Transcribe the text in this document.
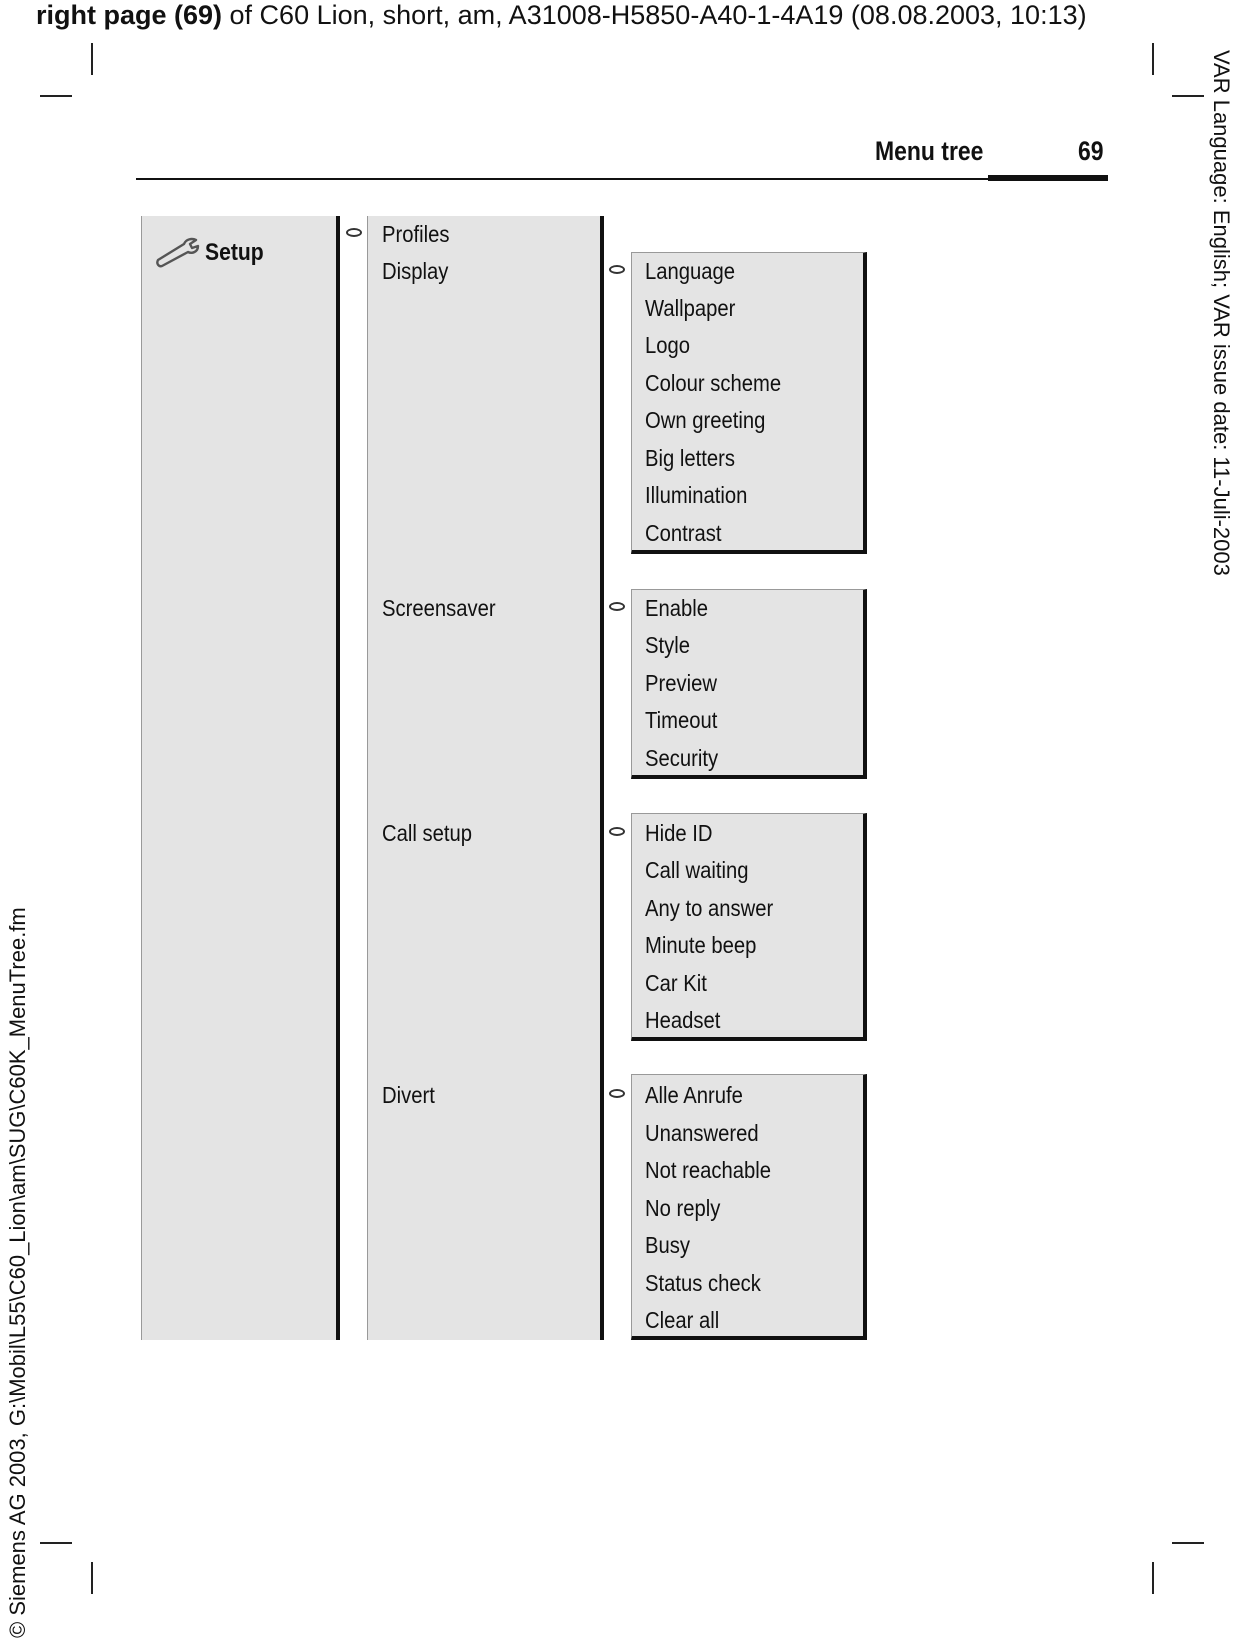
right page (69) of C60 Lion, short, am, A31008-H5850-A40-1-4A19 (08.08.2003, 10:13)
VAR Language: English; VAR issue date: 11-Juli-2003
© Siemens AG 2003, G:\Mobil\L55\C60_Lion\am\SUG\C60K_MenuTree.fm
Menu tree	69
Setup
Profiles
Display
Screensaver
Call setup
Divert
Language
Wallpaper
Logo
Colour scheme
Own greeting
Big letters
Illumination
Contrast
Enable
Style
Preview
Timeout
Security
Hide ID
Call waiting
Any to answer
Minute beep
Car Kit
Headset
Alle Anrufe
Unanswered
Not reachable
No reply
Busy
Status check
Clear all
